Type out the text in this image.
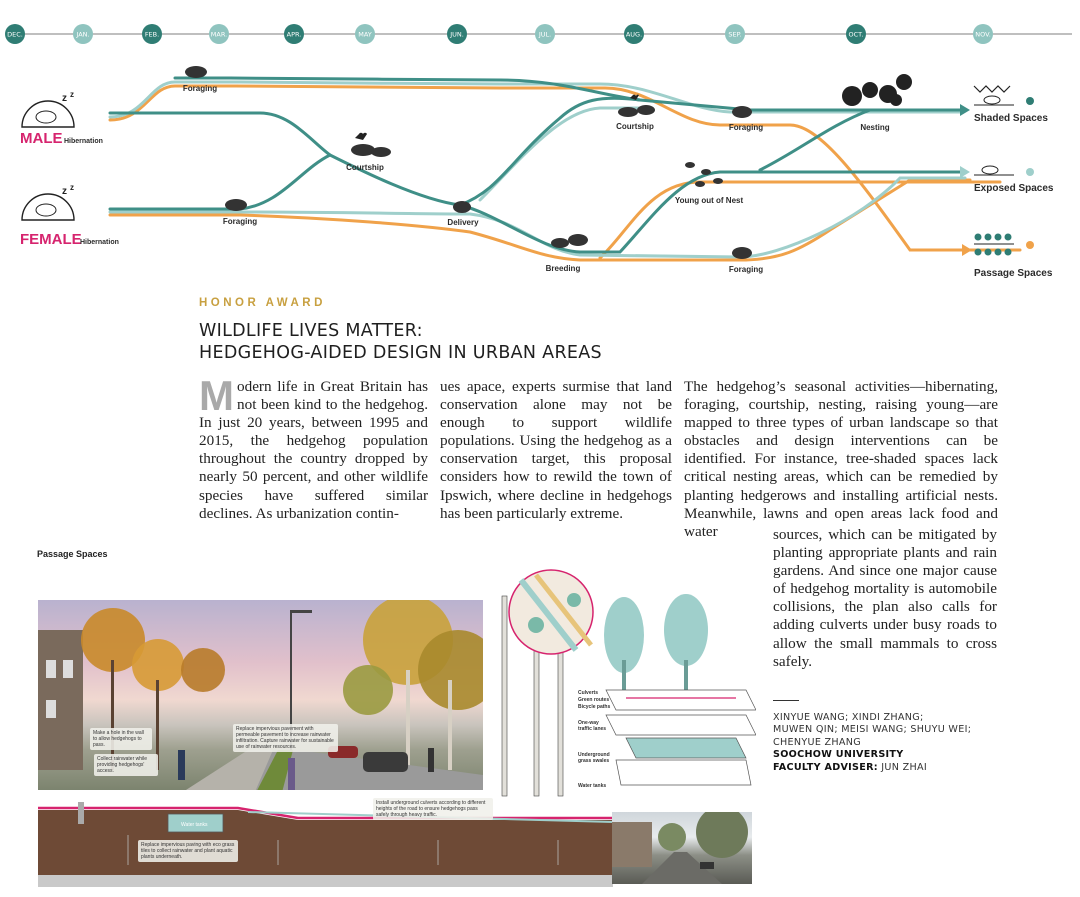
DEC.	JAN.	FEB.	MAR.	APR.	MAY	JUN.	JUL.	AUG.	SEP.	OCT.	NOV.
z z
z z
MALE Hibernation
FEMALE
Hibernation
Foraging
Courtship
Foraging	Delivery
Breeding
Courtship
Young out of Nest
Foraging	Nesting
Foraging
Shaded Spaces
Exposed Spaces
Passage Spaces
HONOR AWARD
WILDLIFE LIVES MATTER:
HEDGEHOG-AIDED DESIGN IN URBAN AREAS
Modern life in Great Britain has not been kind to the hedgehog. In just 20 years, between 1995 and 2015, the hedgehog population throughout the country dropped by nearly 50 percent, and other wildlife species have suffered similar declines. As urbanization contin-
ues apace, experts surmise that land conservation alone may not be enough to support wildlife populations. Using the hedgehog as a conservation target, this proposal considers how to rewild the town of Ipswich, where decline in hedgehogs has been particularly extreme.
The hedgehog’s seasonal activities—hibernating, foraging, courtship, nesting, raising young—are mapped to three types of urban landscape so that obstacles and design interventions can be identified. For instance, tree-shaded spaces lack critical nesting areas, which can be remedied by planting hedgerows and installing artificial nests. Meanwhile, lawns and open areas lack food and water	sources, which can be mitigated by planting appropriate plants and rain gardens. And since one major cause of hedgehog mortality is automobile collisions, the plan also calls for adding culverts under busy roads to allow the small mammals to cross safely.
XINYUE WANG; XINDI ZHANG;
MUWEN QIN; MEISI WANG; SHUYU WEI;
CHENYUE ZHANG
SOOCHOW UNIVERSITY
FACULTY ADVISER: JUN ZHAI
Passage Spaces
Make a hole in the wall to allow hedgehogs to pass.
Collect rainwater while providing hedgehogs' access.
Replace impervious pavement with permeable pavement to increase rainwater infiltration. Capture rainwater for sustainable use of rainwater resources.
Water tanks
Install underground culverts according to different heights of the road to ensure hedgehogs pass safely through heavy traffic.
Replace impervious paving with eco grass tiles to collect rainwater and plant aquatic plants underneath.
Culverts
Green routes
Bicycle paths
One-way traffic lanes
Underground grass swales
Water tanks
